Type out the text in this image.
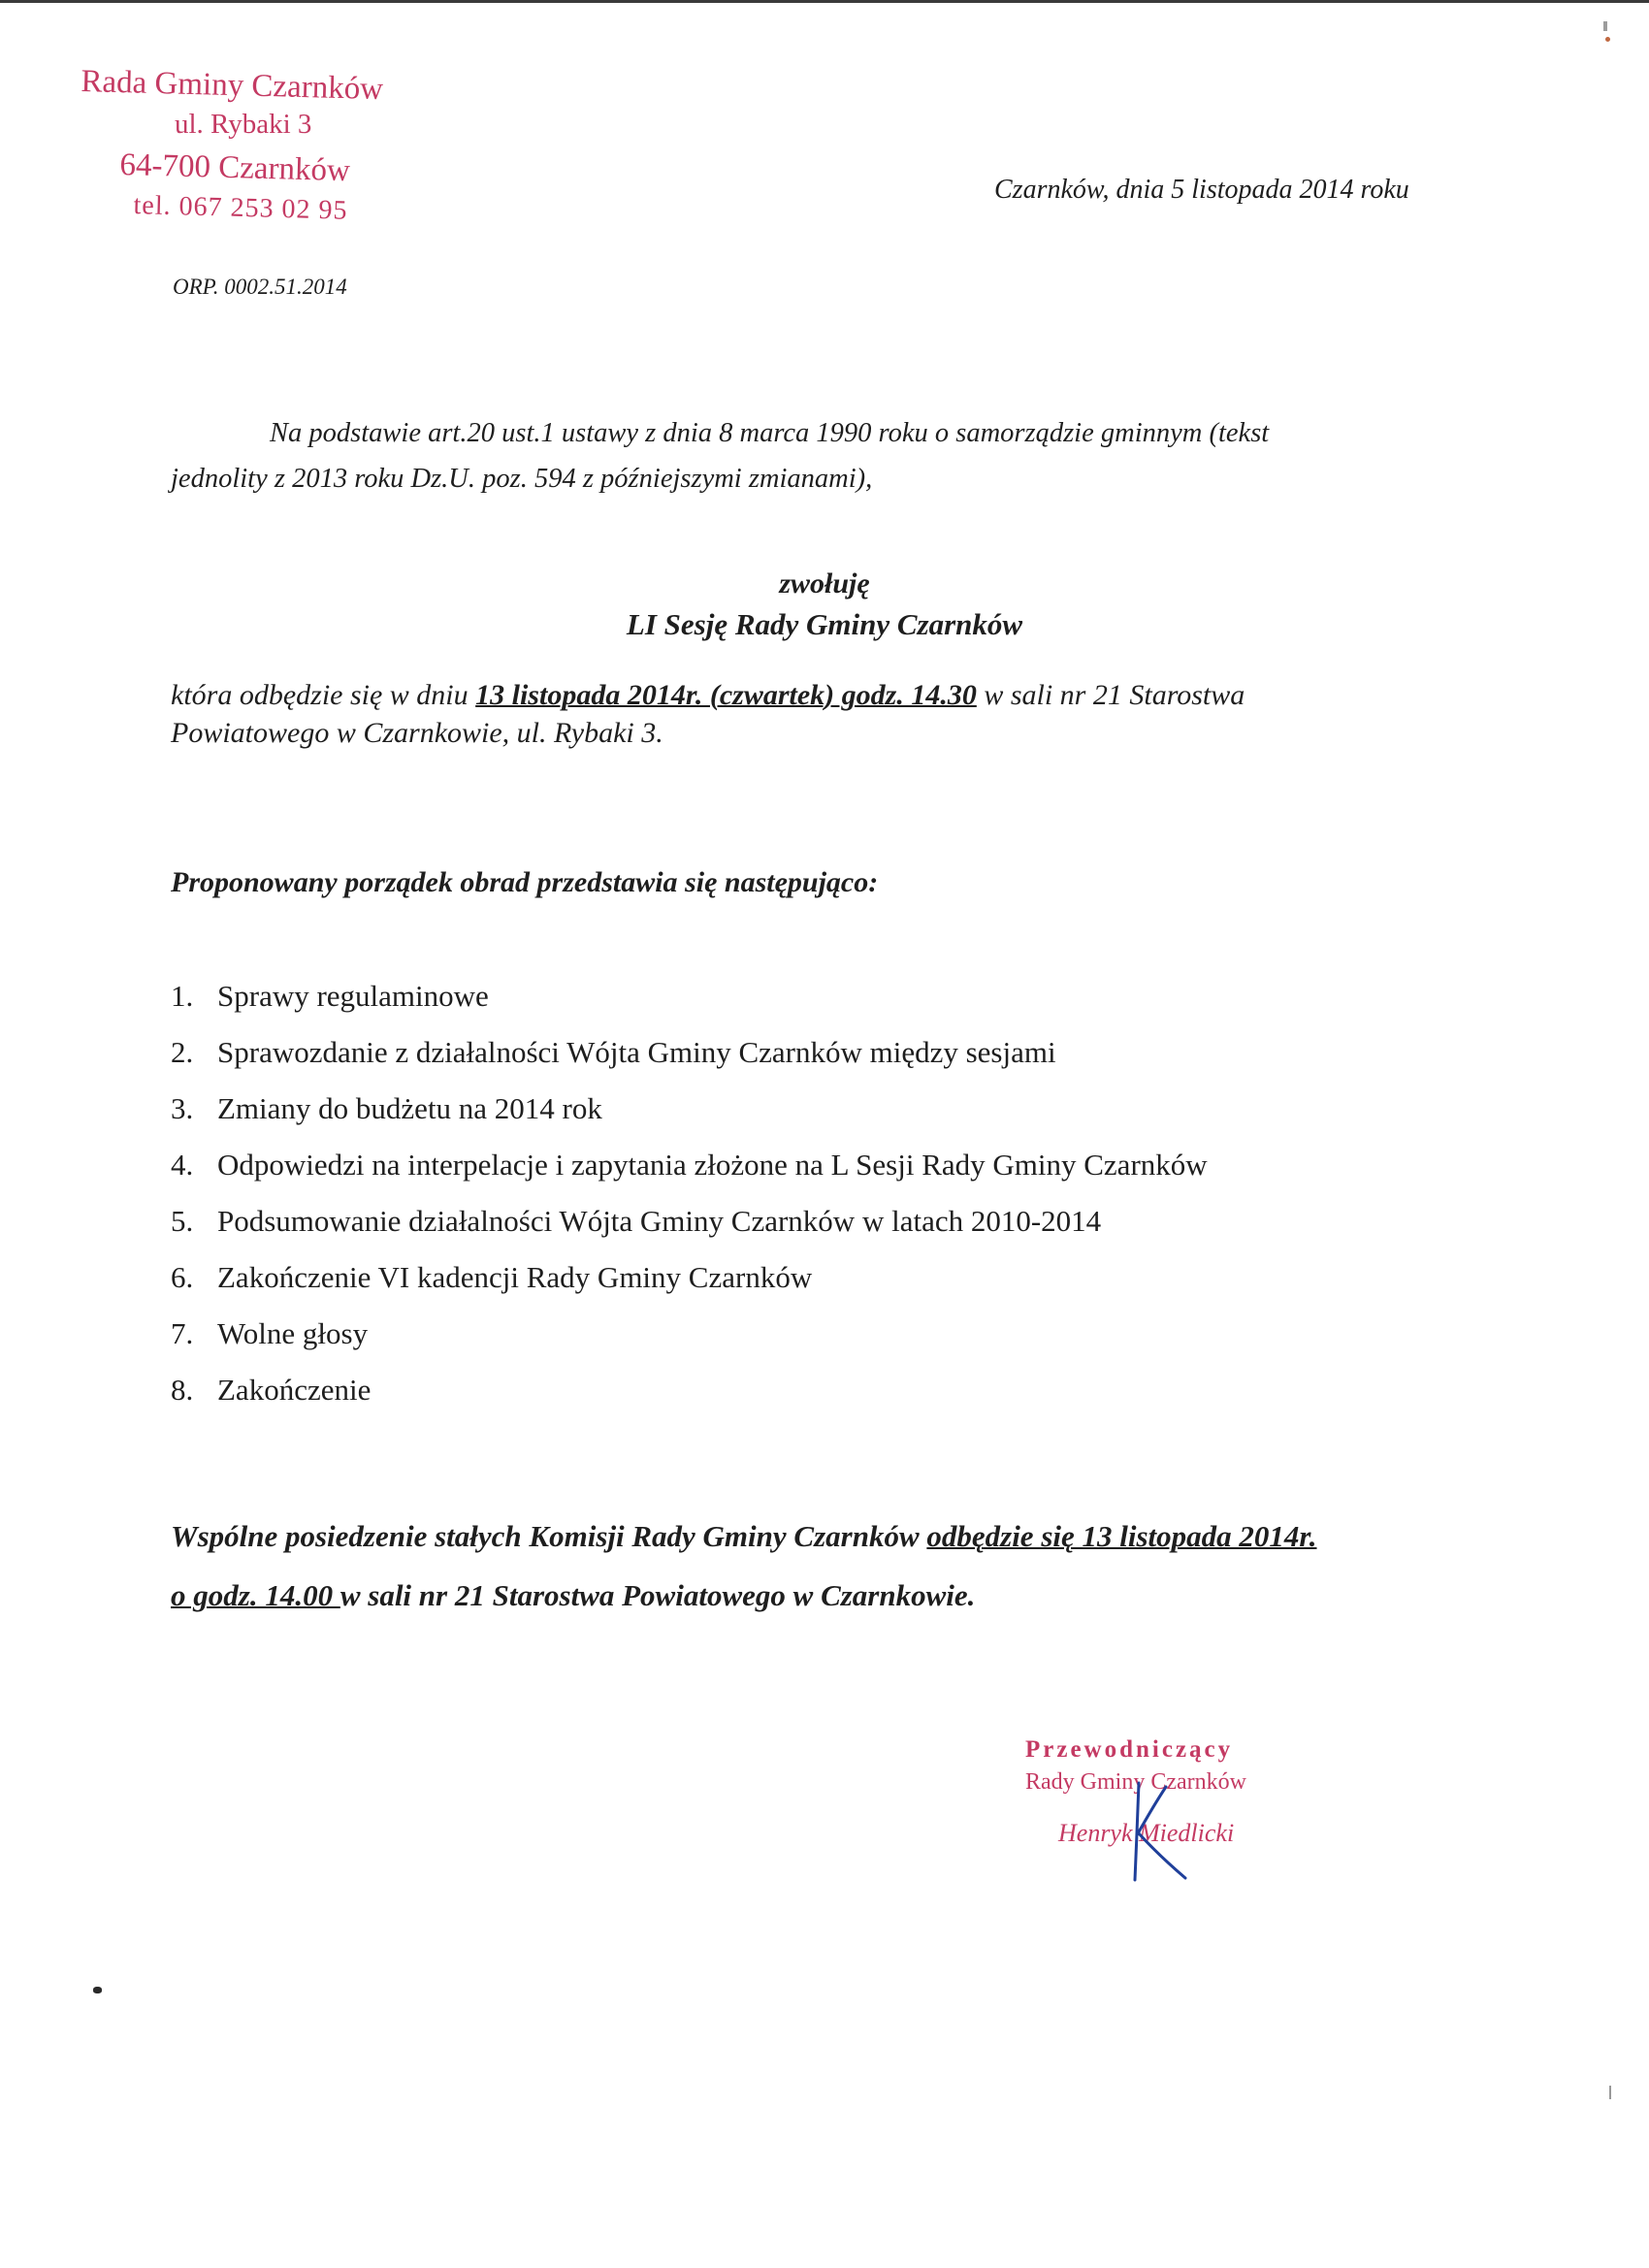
Rada Gminy Czarnków
ul. Rybaki 3
64-700 Czarnków
tel. 067 253 02 95
Czarnków, dnia 5 listopada 2014 roku
ORP. 0002.51.2014
Na podstawie art.20 ust.1 ustawy z dnia 8 marca 1990 roku o samorządzie gminnym (tekst
jednolity z 2013 roku Dz.U. poz. 594 z późniejszymi zmianami),
zwołuję
LI Sesję Rady Gminy Czarnków
która odbędzie się w dniu 13 listopada 2014r. (czwartek) godz. 14.30 w sali nr 21 Starostwa
Powiatowego w Czarnkowie, ul. Rybaki 3.
Proponowany porządek obrad przedstawia się następująco:
1. Sprawy regulaminowe
2. Sprawozdanie z działalności Wójta Gminy Czarnków między sesjami
3. Zmiany do budżetu na 2014 rok
4. Odpowiedzi na interpelacje i zapytania złożone na L Sesji Rady Gminy Czarnków
5. Podsumowanie działalności Wójta Gminy Czarnków w latach 2010-2014
6. Zakończenie VI kadencji Rady Gminy Czarnków
7. Wolne głosy
8. Zakończenie
Wspólne posiedzenie stałych Komisji Rady Gminy Czarnków odbędzie się 13 listopada 2014r.
o godz. 14.00 w sali nr 21 Starostwa Powiatowego w Czarnkowie.
Przewodniczący
Rady Gminy Czarnków
Henryk Miedlicki
